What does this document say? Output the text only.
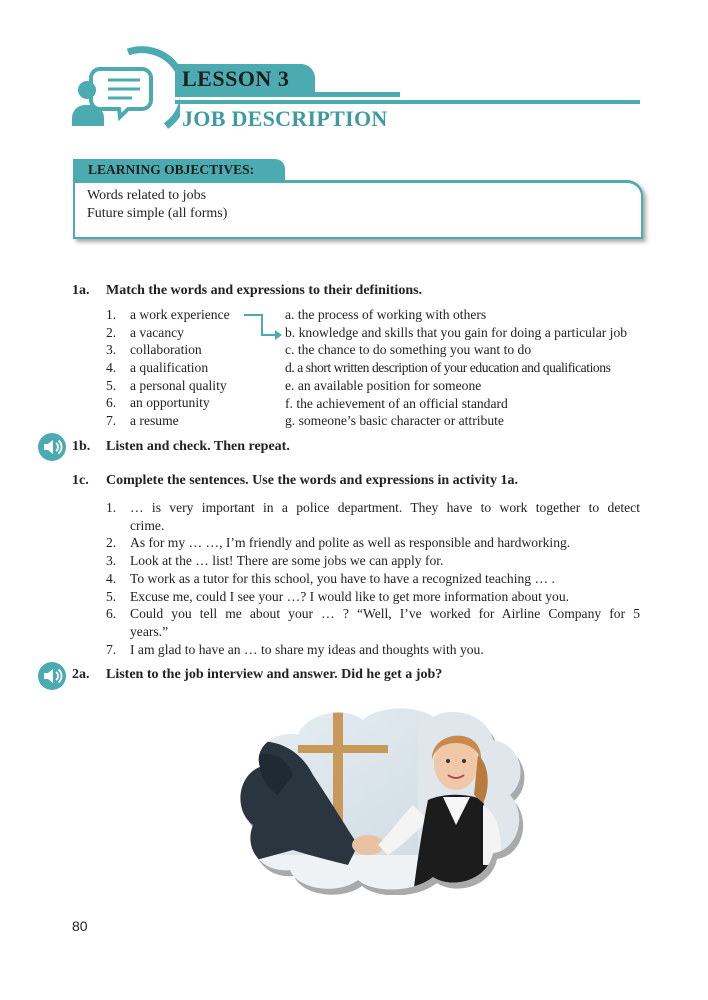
LESSON 3
JOB DESCRIPTION
LEARNING OBJECTIVES:
Words related to jobs
Future simple (all forms)
1a. Match the words and expressions to their definitions.
1. a work experience
2. a vacancy
3. collaboration
4. a qualification
5. a personal quality
6. an opportunity
7. a resume
a. the process of working with others
b. knowledge and skills that you gain for doing a particular job
c. the chance to do something you want to do
d. a short written description of your education and qualifications
e. an available position for someone
f. the achievement of an official standard
g. someone’s basic character or attribute
1b. Listen and check. Then repeat.
1c. Complete the sentences. Use the words and expressions in activity 1a.
1. … is very important in a police department. They have to work together to detect
crime.
2. As for my … …, I’m friendly and polite as well as responsible and hardworking.
3. Look at the … list! There are some jobs we can apply for.
4. To work as a tutor for this school, you have to have a recognized teaching … .
5. Excuse me, could I see your …? I would like to get more information about you.
6. Could you tell me about your … ? “Well, I’ve worked for Airline Company for 5
years.”
7. I am glad to have an … to share my ideas and thoughts with you.
2a. Listen to the job interview and answer. Did he get a job?
80
